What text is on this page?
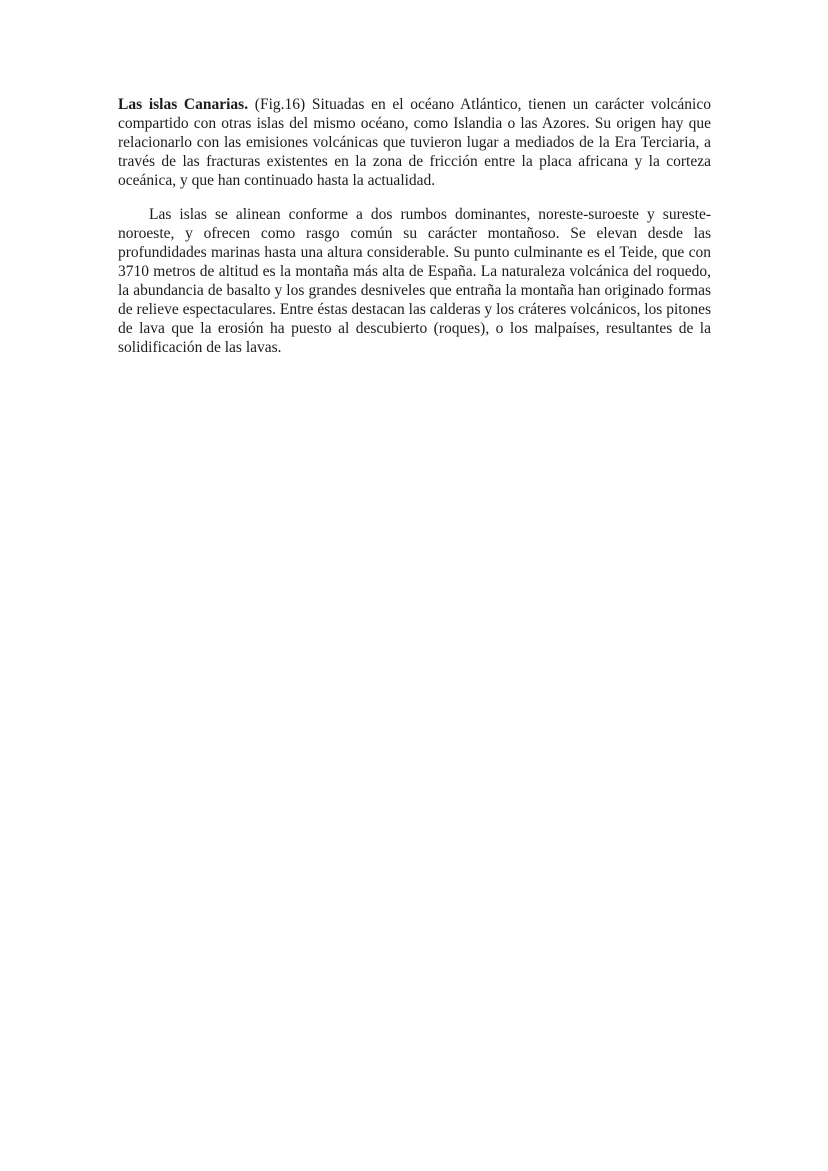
Las islas Canarias. (Fig.16) Situadas en el océano Atlántico, tienen un carácter volcánico compartido con otras islas del mismo océano, como Islandia o las Azores. Su origen hay que relacionarlo con las emisiones volcánicas que tuvieron lugar a mediados de la Era Terciaria, a través de las fracturas existentes en la zona de fricción entre la placa africana y la corteza oceánica, y que han continuado hasta la actualidad.

Las islas se alinean conforme a dos rumbos dominantes, noreste-suroeste y sureste-noroeste, y ofrecen como rasgo común su carácter montañoso. Se elevan desde las profundidades marinas hasta una altura considerable. Su punto culminante es el Teide, que con 3710 metros de altitud es la montaña más alta de España. La naturaleza volcánica del roquedo, la abundancia de basalto y los grandes desniveles que entraña la montaña han originado formas de relieve espectaculares. Entre éstas destacan las calderas y los cráteres volcánicos, los pitones de lava que la erosión ha puesto al descubierto (roques), o los malpaíses, resultantes de la solidificación de las lavas.
